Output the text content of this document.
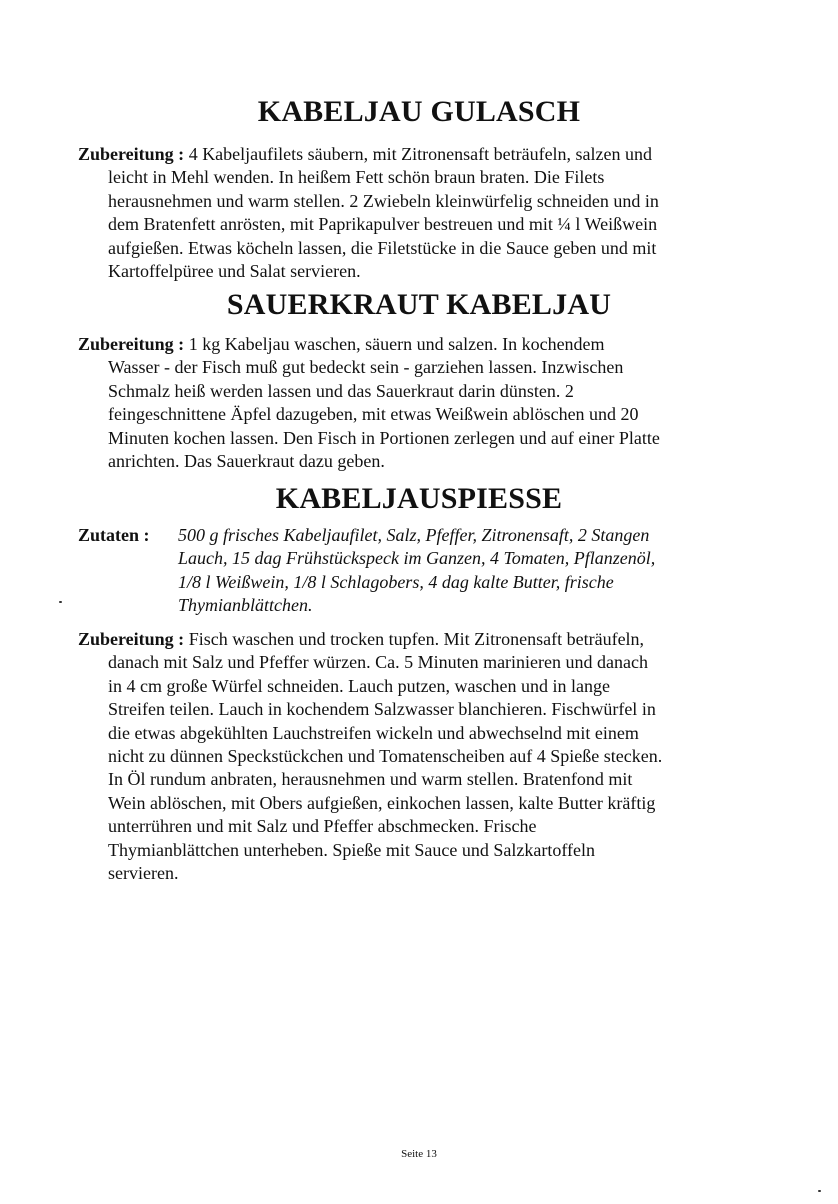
KABELJAU GULASCH

Zubereitung : 4 Kabeljaufilets säubern, mit Zitronensaft beträufeln, salzen und
leicht in Mehl wenden. In heißem Fett schön braun braten. Die Filets
herausnehmen und warm stellen. 2 Zwiebeln kleinwürfelig schneiden und in
dem Bratenfett anrösten, mit Paprikapulver bestreuen und mit ¼ l Weißwein
aufgießen. Etwas köcheln lassen, die Filetstücke in die Sauce geben und mit
Kartoffelpüree und Salat servieren.

SAUERKRAUT KABELJAU

Zubereitung : 1 kg Kabeljau waschen, säuern und salzen. In kochendem
Wasser - der Fisch muß gut bedeckt sein - garziehen lassen. Inzwischen
Schmalz heiß werden lassen und das Sauerkraut darin dünsten. 2
feingeschnittene Äpfel dazugeben, mit etwas Weißwein ablöschen und 20
Minuten kochen lassen. Den Fisch in Portionen zerlegen und auf einer Platte
anrichten. Das Sauerkraut dazu geben.

KABELJAUSPIESSE
Zutaten : 500 g frisches Kabeljaufilet, Salz, Pfeffer, Zitronensaft, 2 Stangen
Lauch, 15 dag Frühstückspeck im Ganzen, 4 Tomaten, Pflanzenöl,
1/8 l Weißwein, 1/8 l Schlagobers, 4 dag kalte Butter, frische
Thymianblättchen.

Zubereitung : Fisch waschen und trocken tupfen. Mit Zitronensaft beträufeln,
danach mit Salz und Pfeffer würzen. Ca. 5 Minuten marinieren und danach
in 4 cm große Würfel schneiden. Lauch putzen, waschen und in lange
Streifen teilen. Lauch in kochendem Salzwasser blanchieren. Fischwürfel in
die etwas abgekühlten Lauchstreifen wickeln und abwechselnd mit einem
nicht zu dünnen Speckstückchen und Tomatenscheiben auf 4 Spieße stecken.
In Öl rundum anbraten, herausnehmen und warm stellen. Bratenfond mit
Wein ablöschen, mit Obers aufgießen, einkochen lassen, kalte Butter kräftig
unterrühren und mit Salz und Pfeffer abschmecken. Frische
Thymianblättchen unterheben. Spieße mit Sauce und Salzkartoffeln
servieren.

Seite 13
